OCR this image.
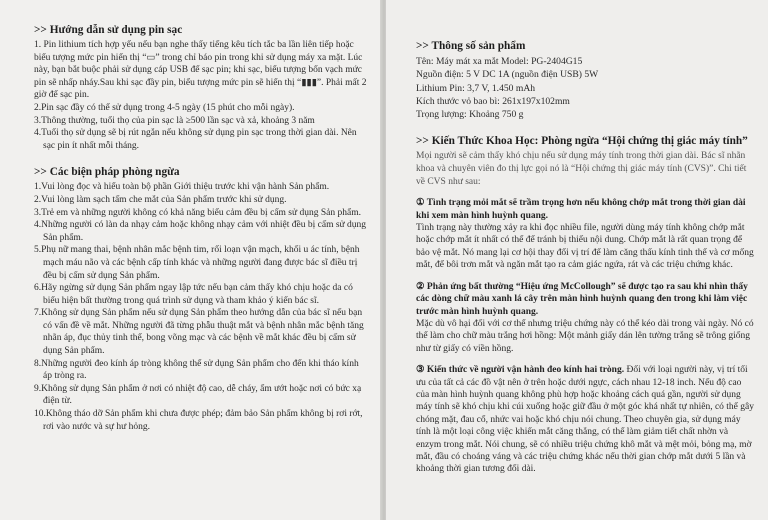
>> Hướng dẫn sử dụng pin sạc

1. Pin lithium tích hợp yếu nếu bạn nghe thấy tiếng kêu tích tắc ba lần liên tiếp hoặc biểu tượng mức pin hiển thị “▭” trong chỉ báo pin trong khi sử dụng máy xa mặt. Lúc này, bạn bắt buộc phải sử dụng cáp USB để sạc pin; khi sạc, biểu tượng bốn vạch mức pin sẽ nhấp nháy.Sau khi sạc đầy pin, biểu tượng mức pin sẽ hiển thị “▮▮▮”. Phải mất 2 giờ để sạc pin.

2.Pin sạc đầy có thể sử dụng trong 4-5 ngày (15 phút cho mỗi ngày).

3.Thông thường, tuổi thọ của pin sạc là ≥500 lần sạc và xả, khoảng 3 năm

4.Tuổi thọ sử dụng sẽ bị rút ngắn nếu không sử dụng pin sạc trong thời gian dài. Nên sạc pin ít nhất mỗi tháng.

>> Các biện pháp phòng ngừa

1.Vui lòng đọc và hiểu toàn bộ phần Giới thiệu trước khi vận hành Sản phẩm.

2.Vui lòng làm sạch tấm che mắt của Sản phẩm trước khi sử dụng.

3.Trẻ em và những người không có khả năng biểu cảm đều bị cấm sử dụng Sản phẩm.

4.Những người có làn da nhạy cảm hoặc không nhạy cảm với nhiệt đều bị cấm sử dụng Sản phẩm.

5.Phụ nữ mang thai, bệnh nhân mắc bệnh tim, rối loạn vận mạch, khối u ác tính, bệnh mạch máu não và các bệnh cấp tính khác và những người đang được bác sĩ điều trị đều bị cấm sử dụng Sản phẩm.

6.Hãy ngừng sử dụng Sản phẩm ngay lập tức nếu bạn cảm thấy khó chịu hoặc da có biểu hiện bất thường trong quá trình sử dụng và tham khảo ý kiến bác sĩ.

7.Không sử dụng Sản phẩm nếu sử dụng Sản phẩm theo hướng dẫn của bác sĩ nếu bạn có vấn đề về mắt. Những người đã từng phẫu thuật mắt và bệnh nhân mắc bệnh tăng nhãn áp, đục thủy tinh thể, bong võng mạc và các bệnh về mắt khác đều bị cấm sử dụng Sản phẩm.

8.Những người đeo kính áp tròng không thể sử dụng Sản phẩm cho đến khi tháo kính áp tròng ra.

9.Không sử dụng Sản phẩm ở nơi có nhiệt độ cao, dễ cháy, ẩm ướt hoặc nơi có bức xạ điện từ.

10.Không tháo dỡ Sản phẩm khi chưa được phép; đảm bảo Sản phẩm không bị rơi rớt, rơi vào nước và sự hư hỏng.

>> Thông số sản phẩm

Tên: Máy mát xa mắt Model: PG-2404G15

Nguồn điện: 5 V DC 1A (nguồn điện USB) 5W

Lithium Pin: 3,7 V, 1.450 mAh

Kích thước vỏ bao bì: 261x197x102mm

Trọng lượng: Khoảng 750 g

>> Kiến Thức Khoa Học: Phòng ngừa “Hội chứng thị giác máy tính”

Mọi người sẽ cảm thấy khó chịu nếu sử dụng máy tính trong thời gian dài. Bác sĩ nhãn khoa và chuyên viên đo thị lực gọi nó là “Hội chứng thị giác máy tính (CVS)”. Chi tiết về CVS như sau:

① Tình trạng mỏi mắt sẽ trầm trọng hơn nếu không chớp mắt trong thời gian dài khi xem màn hình huỳnh quang.
Tình trạng này thường xảy ra khi đọc nhiều file, người dùng máy tính không chớp mắt hoặc chớp mắt ít nhất có thể để tránh bị thiếu nội dung. Chớp mắt là rất quan trọng để bảo vệ mắt. Nó mang lại cơ hội thay đổi vị trí để làm căng thấu kính tinh thể và cơ mống mắt, để bôi trơn mắt và ngăn mắt tạo ra cảm giác ngứa, rát và các triệu chứng khác.

② Phản ứng bất thường “Hiệu ứng McCollough” sẽ được tạo ra sau khi nhìn thấy các dòng chữ màu xanh lá cây trên màn hình huỳnh quang đen trong khi làm việc trước màn hình huỳnh quang.
Mặc dù vô hại đối với cơ thể nhưng triệu chứng này có thể kéo dài trong vài ngày. Nó có thể làm cho chữ màu trắng hơi hồng: Một mảnh giấy dán lên tường trắng sẽ trông giống như từ giấy có viền hồng.

③ Kiến thức về người vận hành đeo kính hai tròng. Đối với loại người này, vị trí tối ưu của tất cả các đồ vật nên ở trên hoặc dưới ngực, cách nhau 12-18 inch. Nếu độ cao của màn hình huỳnh quang không phù hợp hoặc khoảng cách quá gần, người sử dụng máy tính sẽ khó chịu khi cúi xuống hoặc giữ đầu ở một góc khá nhất tự nhiên, có thể gây chóng mặt, đau cổ, nhức vai hoặc khó chịu nói chung. Theo chuyên gia, sử dụng máy tính là một loại công việc khiến mắt căng thẳng, có thể làm giảm tiết chất nhờn và enzym trong mắt. Nói chung, sẽ có nhiều triệu chứng khô mắt và mệt mỏi, bỏng mạ, mờ mắt, đầu có choáng váng và các triệu chứng khác nếu thời gian chớp mắt dưới 5 lần và khoảng thời gian tương đối dài.
